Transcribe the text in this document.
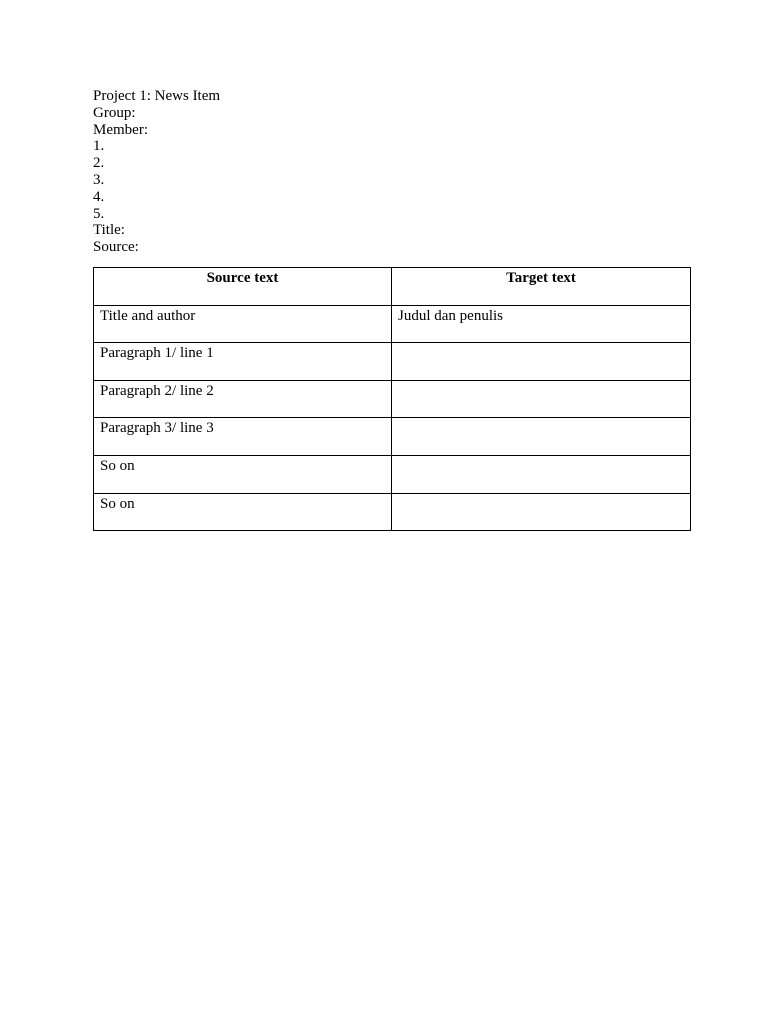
Project 1: News Item
Group:
Member:
1.
2.
3.
4.
5.
Title:
Source:
Source text	Target text
Title and author	Judul dan penulis
Paragraph 1/ line 1	
Paragraph 2/ line 2	
Paragraph 3/ line 3	
So on	
So on	
